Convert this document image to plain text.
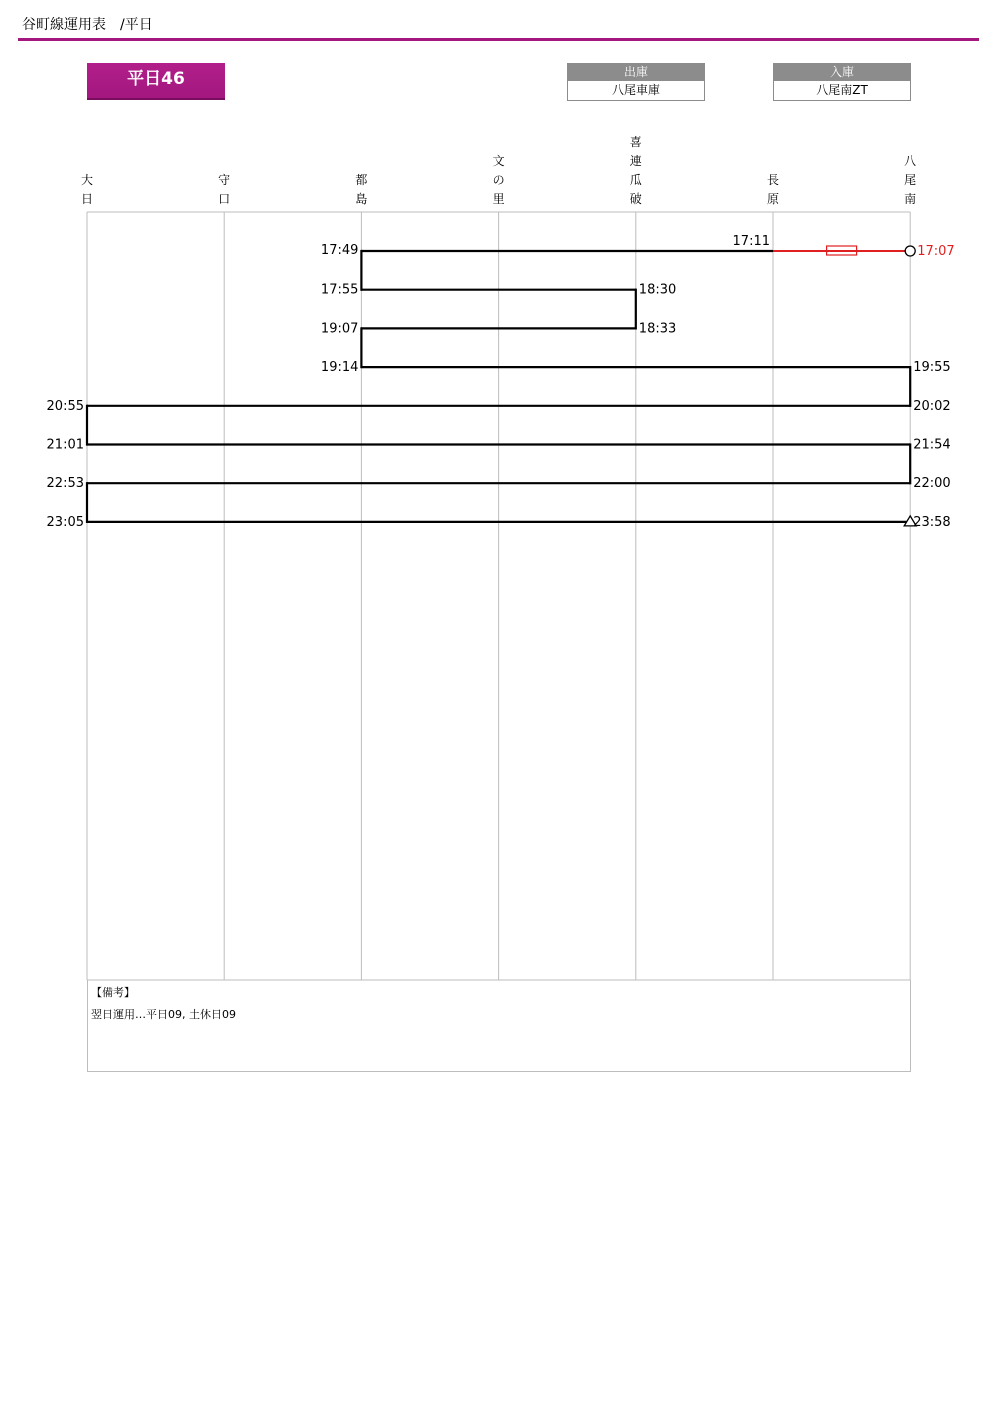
谷町線運用表　/平日
平日46	出庫
八尾車庫
入庫
八尾南ZT
大日
守口
都島
文の里
喜連瓜破
長原
八尾南
17:07
17:11
17:49
17:55	18:30
19:07	18:33
19:14	19:55
20:55	20:02
21:01	21:54
22:53	22:00
23:05	23:58
【備考】
翌日運用…平日09, 土休日09
